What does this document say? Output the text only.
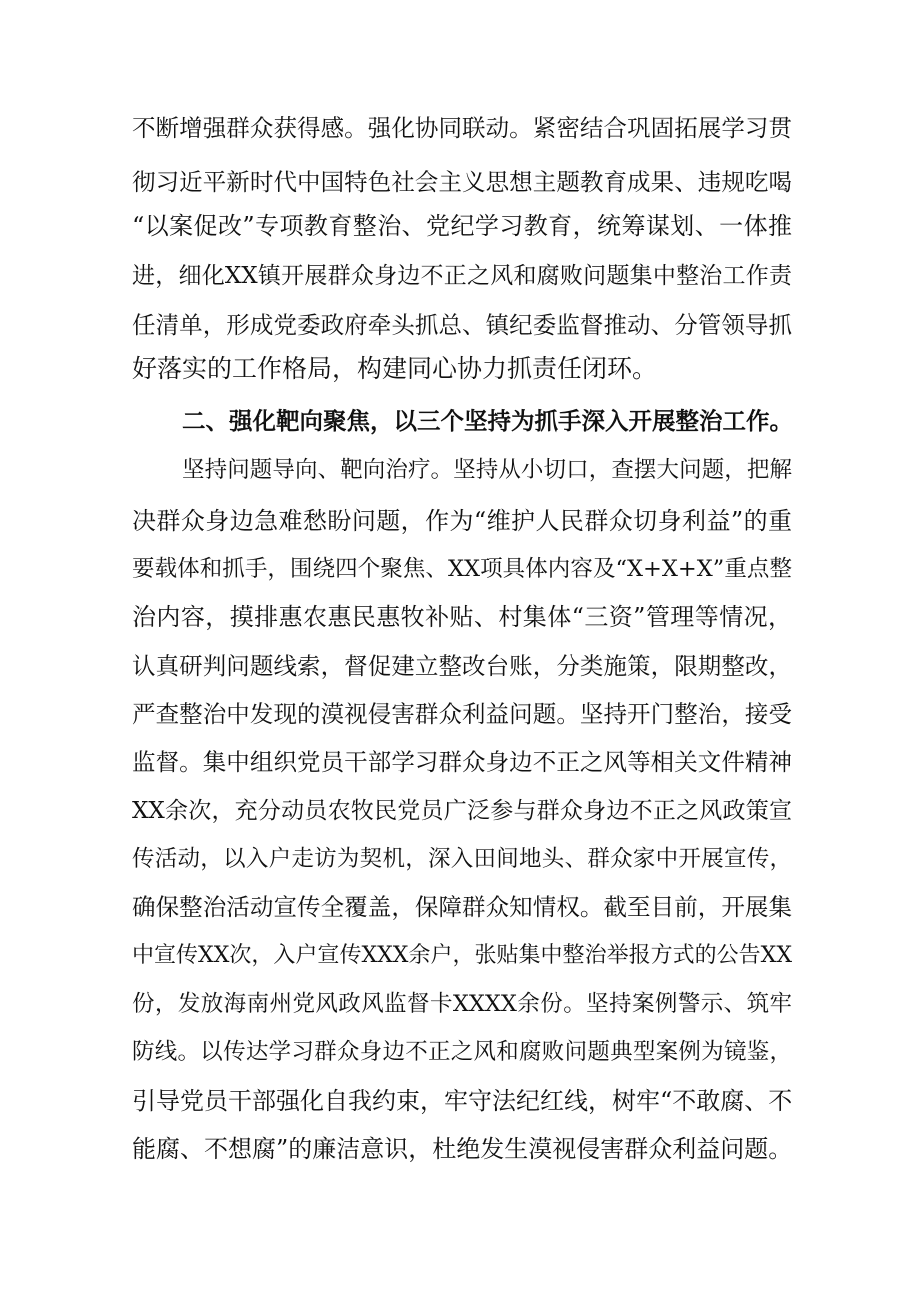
不断增强群众获得感。强化协同联动。紧密结合巩固拓展学习贯
彻习近平新时代中国特色社会主义思想主题教育成果、违规吃喝
“以案促改”专项教育整治、党纪学习教育，统筹谋划、一体推
进，细化XX镇开展群众身边不正之风和腐败问题集中整治工作责
任清单，形成党委政府牵头抓总、镇纪委监督推动、分管领导抓
好落实的工作格局，构建同心协力抓责任闭环。
二、强化靶向聚焦，以三个坚持为抓手深入开展整治工作。
坚持问题导向、靶向治疗。坚持从小切口，查摆大问题，把解
决群众身边急难愁盼问题，作为“维护人民群众切身利益”的重
要载体和抓手，围绕四个聚焦、XX项具体内容及“X+X+X”重点整
治内容，摸排惠农惠民惠牧补贴、村集体“三资”管理等情况，
认真研判问题线索，督促建立整改台账，分类施策，限期整改，
严查整治中发现的漠视侵害群众利益问题。坚持开门整治，接受
监督。集中组织党员干部学习群众身边不正之风等相关文件精神
XX余次，充分动员农牧民党员广泛参与群众身边不正之风政策宣
传活动，以入户走访为契机，深入田间地头、群众家中开展宣传，
确保整治活动宣传全覆盖，保障群众知情权。截至目前，开展集
中宣传XX次，入户宣传XXX余户，张贴集中整治举报方式的公告XX
份，发放海南州党风政风监督卡XXXX余份。坚持案例警示、筑牢
防线。以传达学习群众身边不正之风和腐败问题典型案例为镜鉴，
引导党员干部强化自我约束，牢守法纪红线，树牢“不敢腐、不
能腐、不想腐”的廉洁意识，杜绝发生漠视侵害群众利益问题。
